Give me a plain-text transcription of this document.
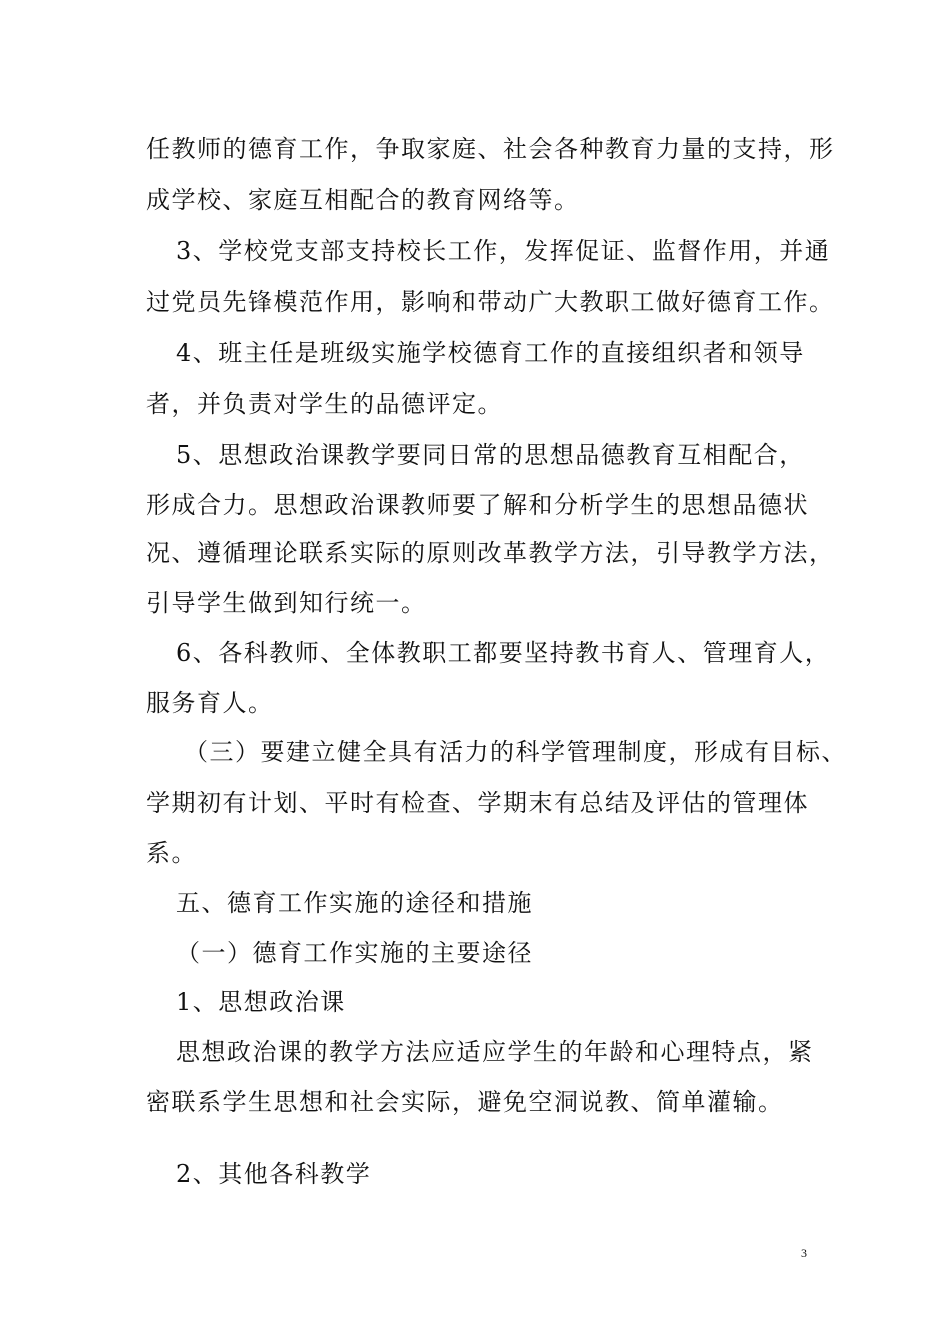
任教师的德育工作，争取家庭、社会各种教育力量的支持，形
成学校、家庭互相配合的教育网络等。
3、学校党支部支持校长工作，发挥促证、监督作用，并通
过党员先锋模范作用，影响和带动广大教职工做好德育工作。
4、班主任是班级实施学校德育工作的直接组织者和领导
者，并负责对学生的品德评定。
5、思想政治课教学要同日常的思想品德教育互相配合，
形成合力。思想政治课教师要了解和分析学生的思想品德状
况、遵循理论联系实际的原则改革教学方法，引导教学方法，
引导学生做到知行统一。
6、各科教师、全体教职工都要坚持教书育人、管理育人，
服务育人。
（三）要建立健全具有活力的科学管理制度，形成有目标、
学期初有计划、平时有检查、学期末有总结及评估的管理体
系。
五、德育工作实施的途径和措施
（一）德育工作实施的主要途径
1、思想政治课
思想政治课的教学方法应适应学生的年龄和心理特点，紧
密联系学生思想和社会实际，避免空洞说教、简单灌输。
2、其他各科教学
3
